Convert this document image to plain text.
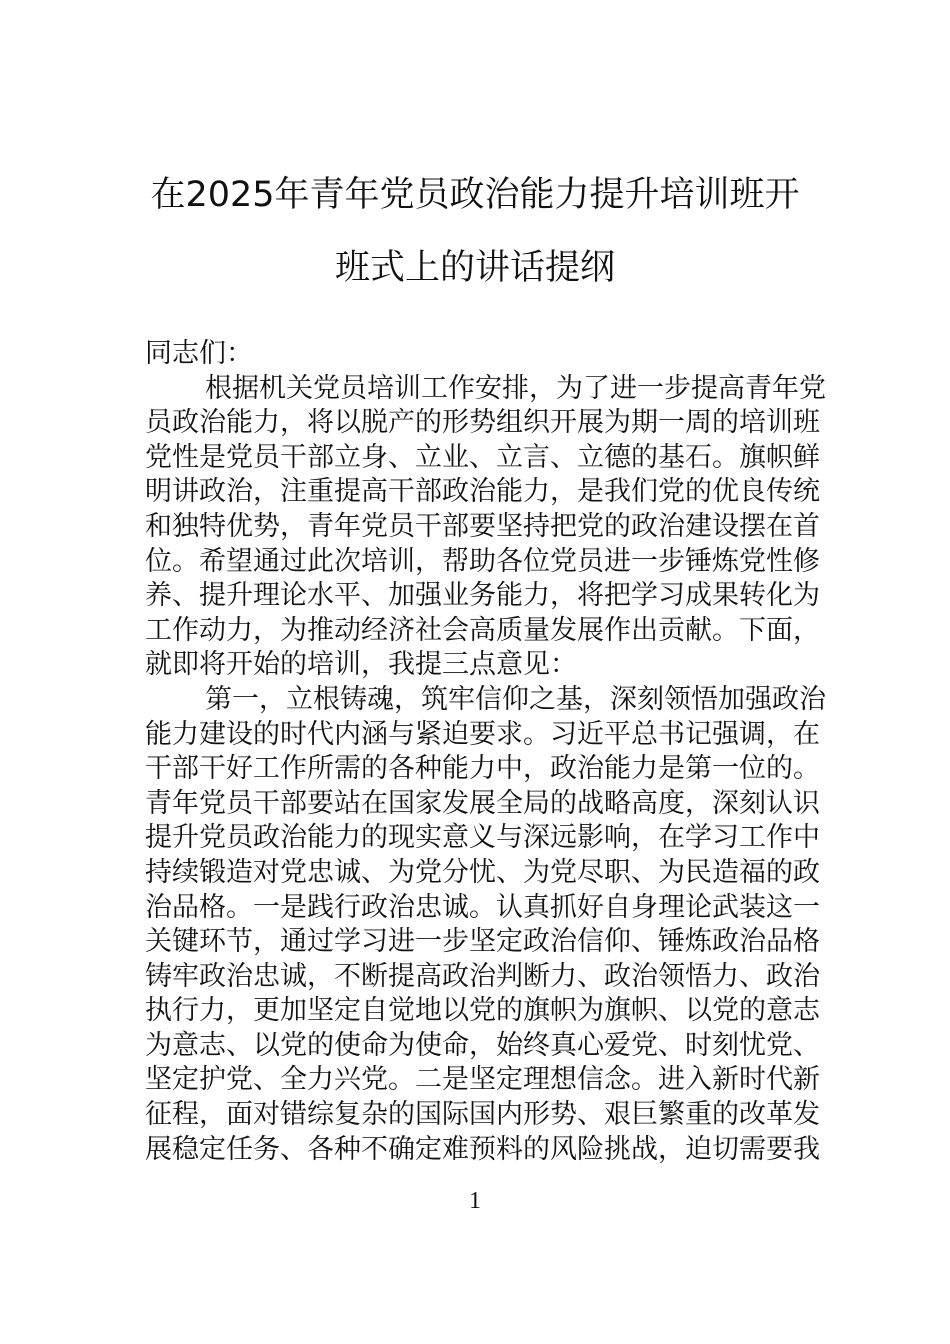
在2025年青年党员政治能力提升培训班开
班式上的讲话提纲
同志们：
根据机关党员培训工作安排，为了进一步提高青年党
员政治能力，将以脱产的形势组织开展为期一周的培训班
党性是党员干部立身、立业、立言、立德的基石。旗帜鲜
明讲政治，注重提高干部政治能力，是我们党的优良传统
和独特优势，青年党员干部要坚持把党的政治建设摆在首
位。希望通过此次培训，帮助各位党员进一步锤炼党性修
养、提升理论水平、加强业务能力，将把学习成果转化为
工作动力，为推动经济社会高质量发展作出贡献。下面，
就即将开始的培训，我提三点意见：
第一，立根铸魂，筑牢信仰之基，深刻领悟加强政治
能力建设的时代内涵与紧迫要求。习近平总书记强调，在
干部干好工作所需的各种能力中，政治能力是第一位的。
青年党员干部要站在国家发展全局的战略高度，深刻认识
提升党员政治能力的现实意义与深远影响，在学习工作中
持续锻造对党忠诚、为党分忧、为党尽职、为民造福的政
治品格。一是践行政治忠诚。认真抓好自身理论武装这一
关键环节，通过学习进一步坚定政治信仰、锤炼政治品格
铸牢政治忠诚，不断提高政治判断力、政治领悟力、政治
执行力，更加坚定自觉地以党的旗帜为旗帜、以党的意志
为意志、以党的使命为使命，始终真心爱党、时刻忧党、
坚定护党、全力兴党。二是坚定理想信念。进入新时代新
征程，面对错综复杂的国际国内形势、艰巨繁重的改革发
展稳定任务、各种不确定难预料的风险挑战，迫切需要我
1
